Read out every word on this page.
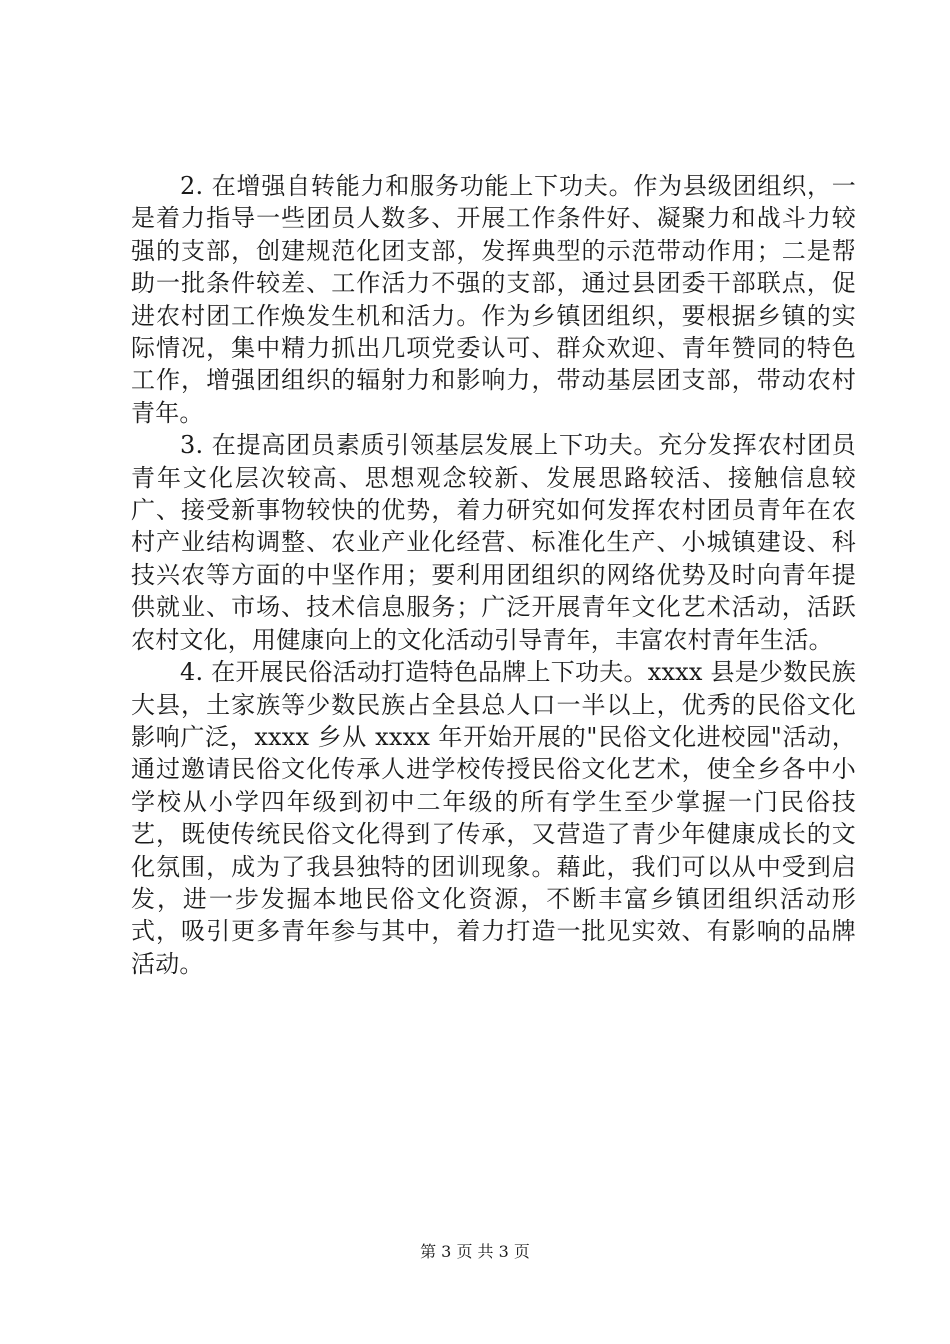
2. 在增强自转能力和服务功能上下功夫。作为县级团组织，一是着力指导一些团员人数多、开展工作条件好、凝聚力和战斗力较强的支部，创建规范化团支部，发挥典型的示范带动作用；二是帮助一批条件较差、工作活力不强的支部，通过县团委干部联点，促进农村团工作焕发生机和活力。作为乡镇团组织，要根据乡镇的实际情况，集中精力抓出几项党委认可、群众欢迎、青年赞同的特色工作，增强团组织的辐射力和影响力，带动基层团支部，带动农村青年。

3. 在提高团员素质引领基层发展上下功夫。充分发挥农村团员青年文化层次较高、思想观念较新、发展思路较活、接触信息较广、接受新事物较快的优势，着力研究如何发挥农村团员青年在农村产业结构调整、农业产业化经营、标准化生产、小城镇建设、科技兴农等方面的中坚作用；要利用团组织的网络优势及时向青年提供就业、市场、技术信息服务；广泛开展青年文化艺术活动，活跃农村文化，用健康向上的文化活动引导青年，丰富农村青年生活。

4. 在开展民俗活动打造特色品牌上下功夫。xxxx 县是少数民族大县，土家族等少数民族占全县总人口一半以上，优秀的民俗文化影响广泛，xxxx 乡从 xxxx 年开始开展的"民俗文化进校园"活动，通过邀请民俗文化传承人进学校传授民俗文化艺术，使全乡各中小学校从小学四年级到初中二年级的所有学生至少掌握一门民俗技艺，既使传统民俗文化得到了传承，又营造了青少年健康成长的文化氛围，成为了我县独特的团训现象。藉此，我们可以从中受到启发，进一步发掘本地民俗文化资源，不断丰富乡镇团组织活动形式，吸引更多青年参与其中，着力打造一批见实效、有影响的品牌活动。

第 3 页 共 3 页
